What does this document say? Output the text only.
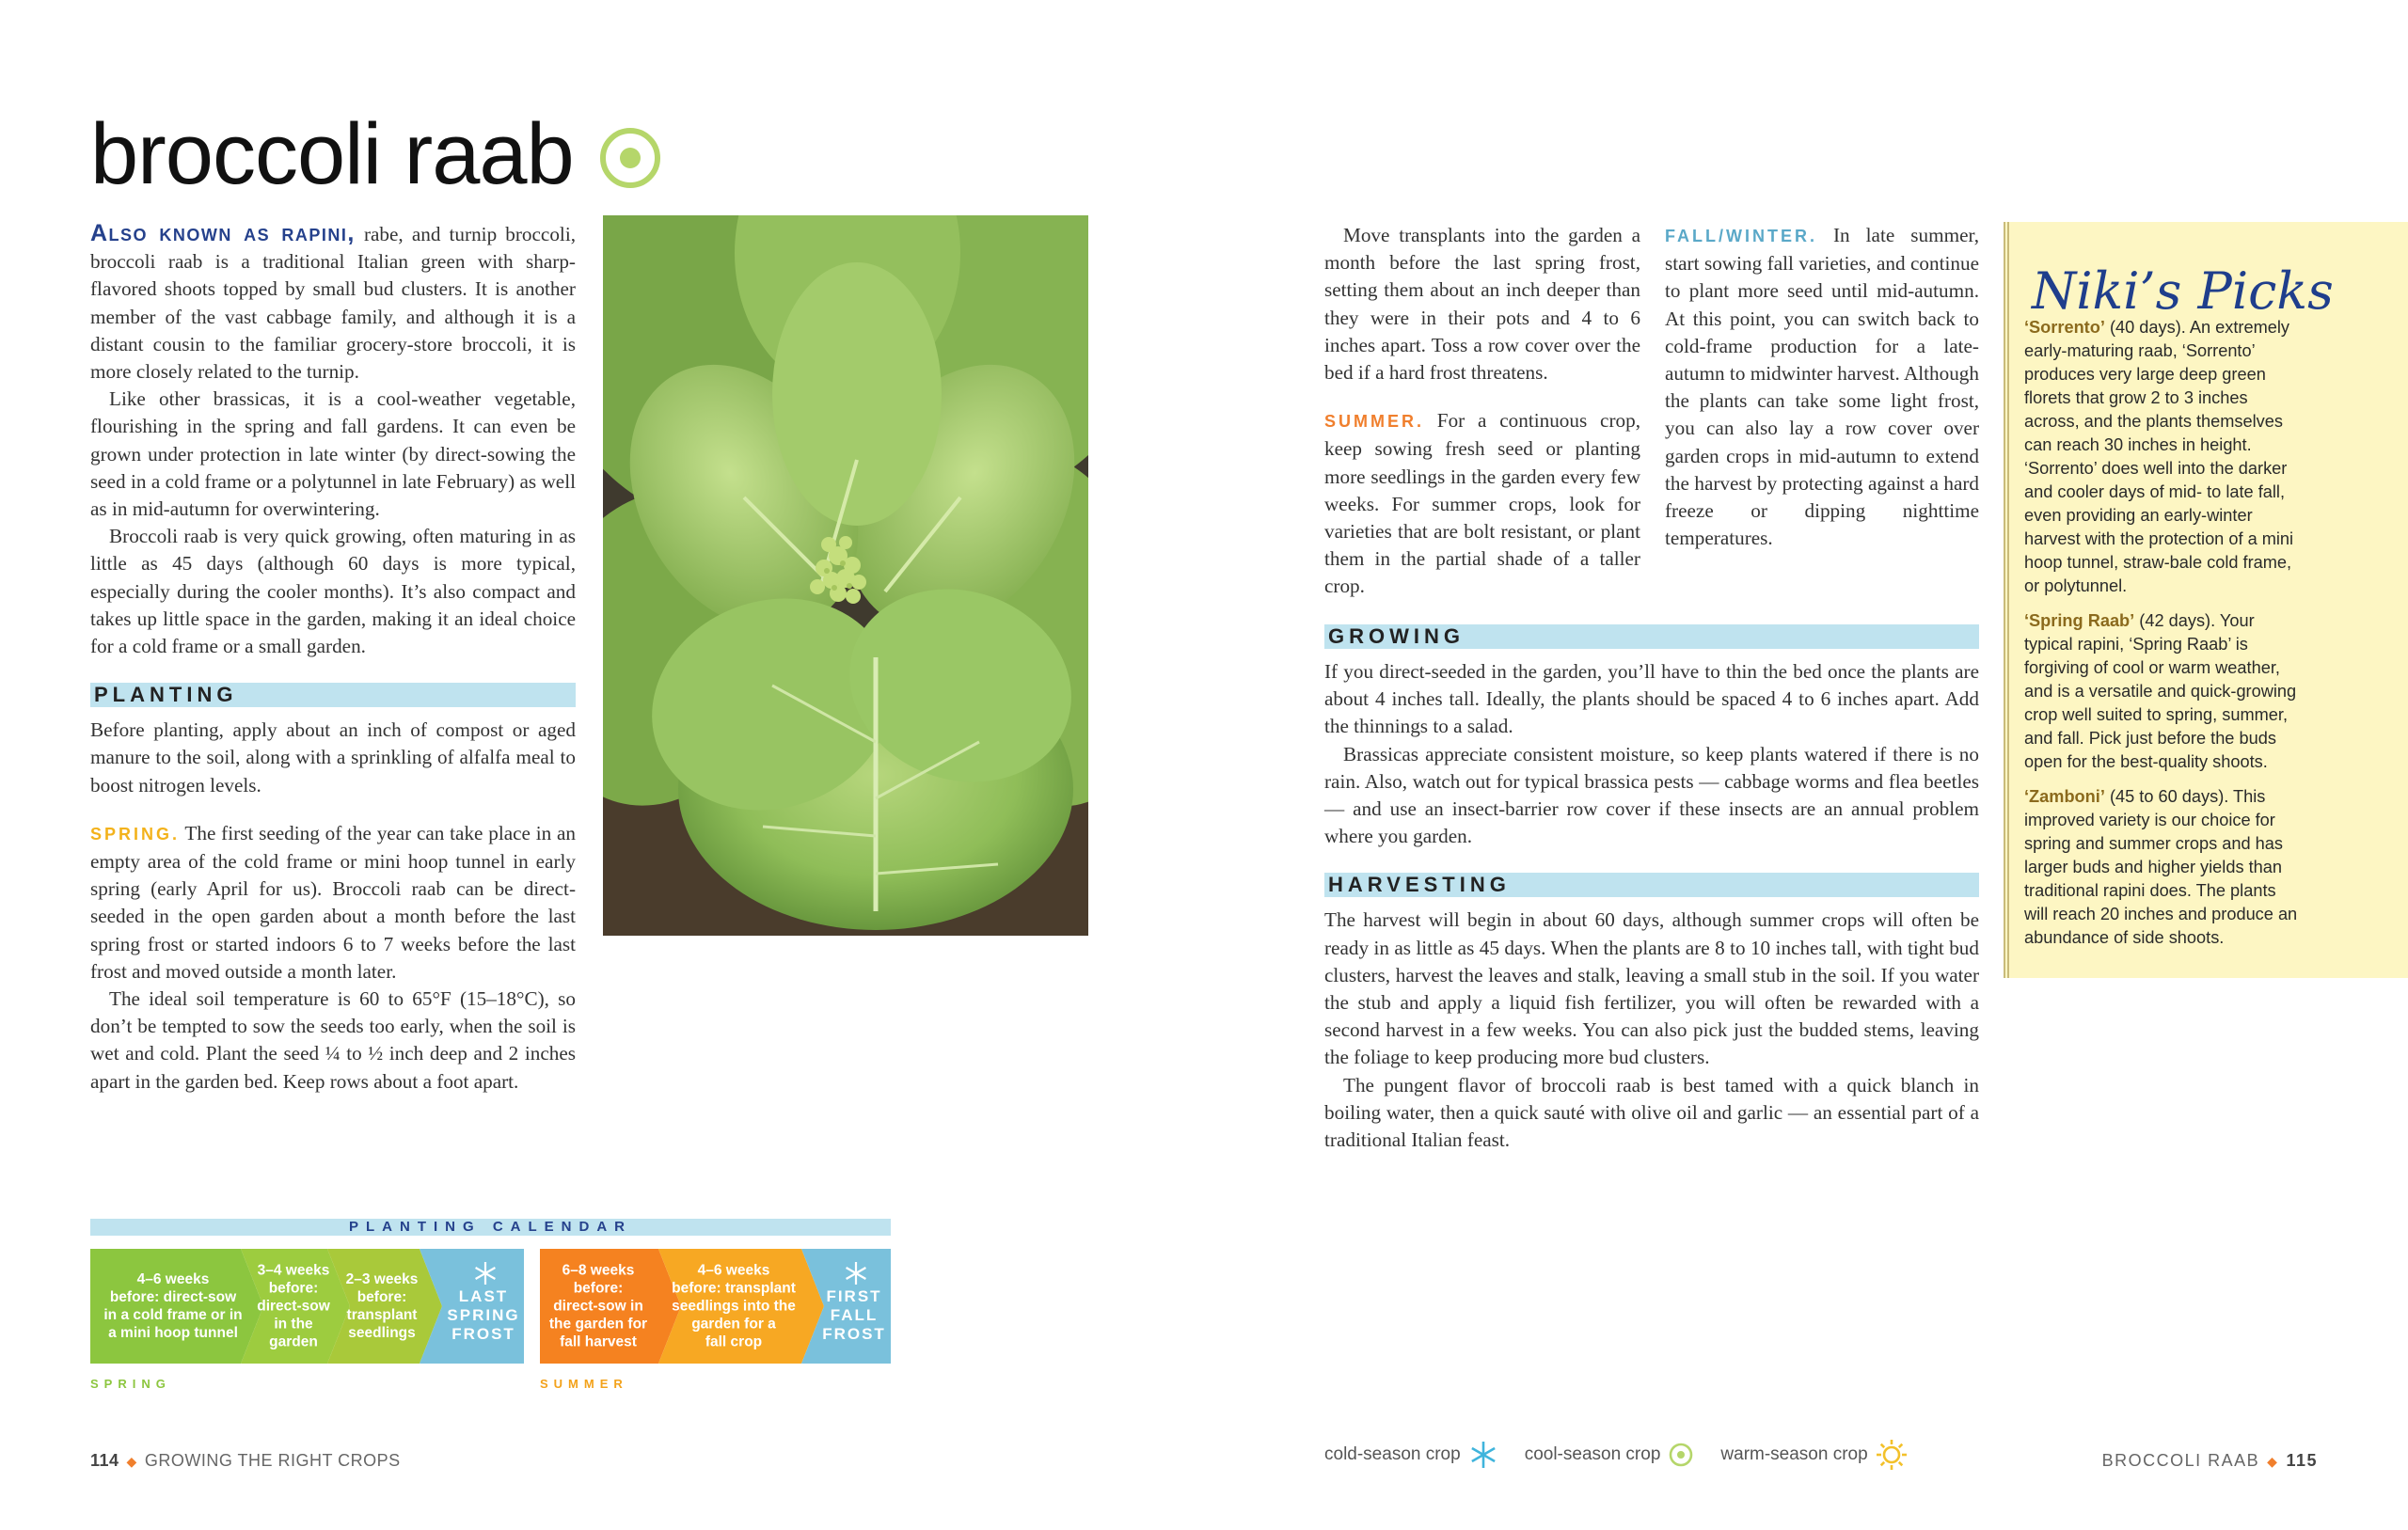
broccoli raab

Also known as rapini, rabe, and turnip broccoli, broccoli raab is a traditional Italian green with sharp-flavored shoots topped by small bud clusters. It is another member of the vast cabbage family, and although it is a distant cousin to the familiar grocery-store broccoli, it is more closely related to the turnip.

Like other brassicas, it is a cool-weather vegetable, flourishing in the spring and fall gardens. It can even be grown under protection in late winter (by direct-sowing the seed in a cold frame or a polytunnel in late February) as well as in mid-autumn for overwintering.

Broccoli raab is very quick growing, often maturing in as little as 45 days (although 60 days is more typical, especially during the cooler months). It’s also compact and takes up little space in the garden, making it an ideal choice for a cold frame or a small garden.

PLANTING

Before planting, apply about an inch of compost or aged manure to the soil, along with a sprinkling of alfalfa meal to boost nitrogen levels.

SPRING. The first seeding of the year can take place in an empty area of the cold frame or mini hoop tunnel in early spring (early April for us). Broccoli raab can be direct-seeded in the open garden about a month before the last spring frost or started indoors 6 to 7 weeks before the last frost and moved outside a month later.

The ideal soil temperature is 60 to 65°F (15–18°C), so don’t be tempted to sow the seeds too early, when the soil is wet and cold. Plant the seed ¼ to ½ inch deep and 2 inches apart in the garden bed. Keep rows about a foot apart.

Move transplants into the garden a month before the last spring frost, setting them about an inch deeper than they were in their pots and 4 to 6 inches apart. Toss a row cover over the bed if a hard frost threatens.

SUMMER. For a continuous crop, keep sowing fresh seed or planting more seedlings in the garden every few weeks. For summer crops, look for varieties that are bolt resistant, or plant them in the partial shade of a taller crop.

FALL/WINTER. In late summer, start sowing fall varieties, and continue to plant more seed until mid-autumn. At this point, you can switch back to cold-frame production for a late-autumn to midwinter harvest. Although the plants can take some light frost, you can also lay a row cover over garden crops in mid-autumn to extend the harvest by protecting against a hard freeze or dipping nighttime temperatures.

GROWING

If you direct-seeded in the garden, you’ll have to thin the bed once the plants are about 4 inches tall. Ideally, the plants should be spaced 4 to 6 inches apart. Add the thinnings to a salad.

Brassicas appreciate consistent moisture, so keep plants watered if there is no rain. Also, watch out for typical brassica pests — cabbage worms and flea beetles — and use an insect-barrier row cover if these insects are an annual problem where you garden.

HARVESTING

The harvest will begin in about 60 days, although summer crops will often be ready in as little as 45 days. When the plants are 8 to 10 inches tall, with tight bud clusters, harvest the leaves and stalk, leaving a small stub in the soil. If you water the stub and apply a liquid fish fertilizer, you will often be rewarded with a second harvest in a few weeks. You can also pick just the budded stems, leaving the foliage to keep producing more bud clusters.

The pungent flavor of broccoli raab is best tamed with a quick blanch in boiling water, then a quick sauté with olive oil and garlic — an essential part of a traditional Italian feast.

Niki’s Picks

‘Sorrento’ (40 days). An extremely early-maturing raab, ‘Sorrento’ produces very large deep green florets that grow 2 to 3 inches across, and the plants themselves can reach 30 inches in height. ‘Sorrento’ does well into the darker and cooler days of mid- to late fall, even providing an early-winter harvest with the protection of a mini hoop tunnel, straw-bale cold frame, or polytunnel.

‘Spring Raab’ (42 days). Your typical rapini, ‘Spring Raab’ is forgiving of cool or warm weather, and is a versatile and quick-growing crop well suited to spring, summer, and fall. Pick just before the buds open for the best-quality shoots.

‘Zamboni’ (45 to 60 days). This improved variety is our choice for spring and summer crops and has larger buds and higher yields than traditional rapini does. The plants will reach 20 inches and produce an abundance of side shoots.

PLANTING CALENDAR
4–6 weeks
before: direct-sow
in a cold frame or in
a mini hoop tunnel
3–4 weeks
before:
direct-sow
in the
garden
2–3 weeks
before:
transplant
seedlings
LAST
SPRING
FROST
6–8 weeks
before:
direct-sow in
the garden for
fall harvest
4–6 weeks
before: transplant
seedlings into the
garden for a
fall crop
FIRST
FALL
FROST
SPRING	SUMMER
114 ◆ GROWING THE RIGHT CROPS	cold-season crop	cool-season crop	warm-season crop	BROCCOLI RAAB ◆ 115
